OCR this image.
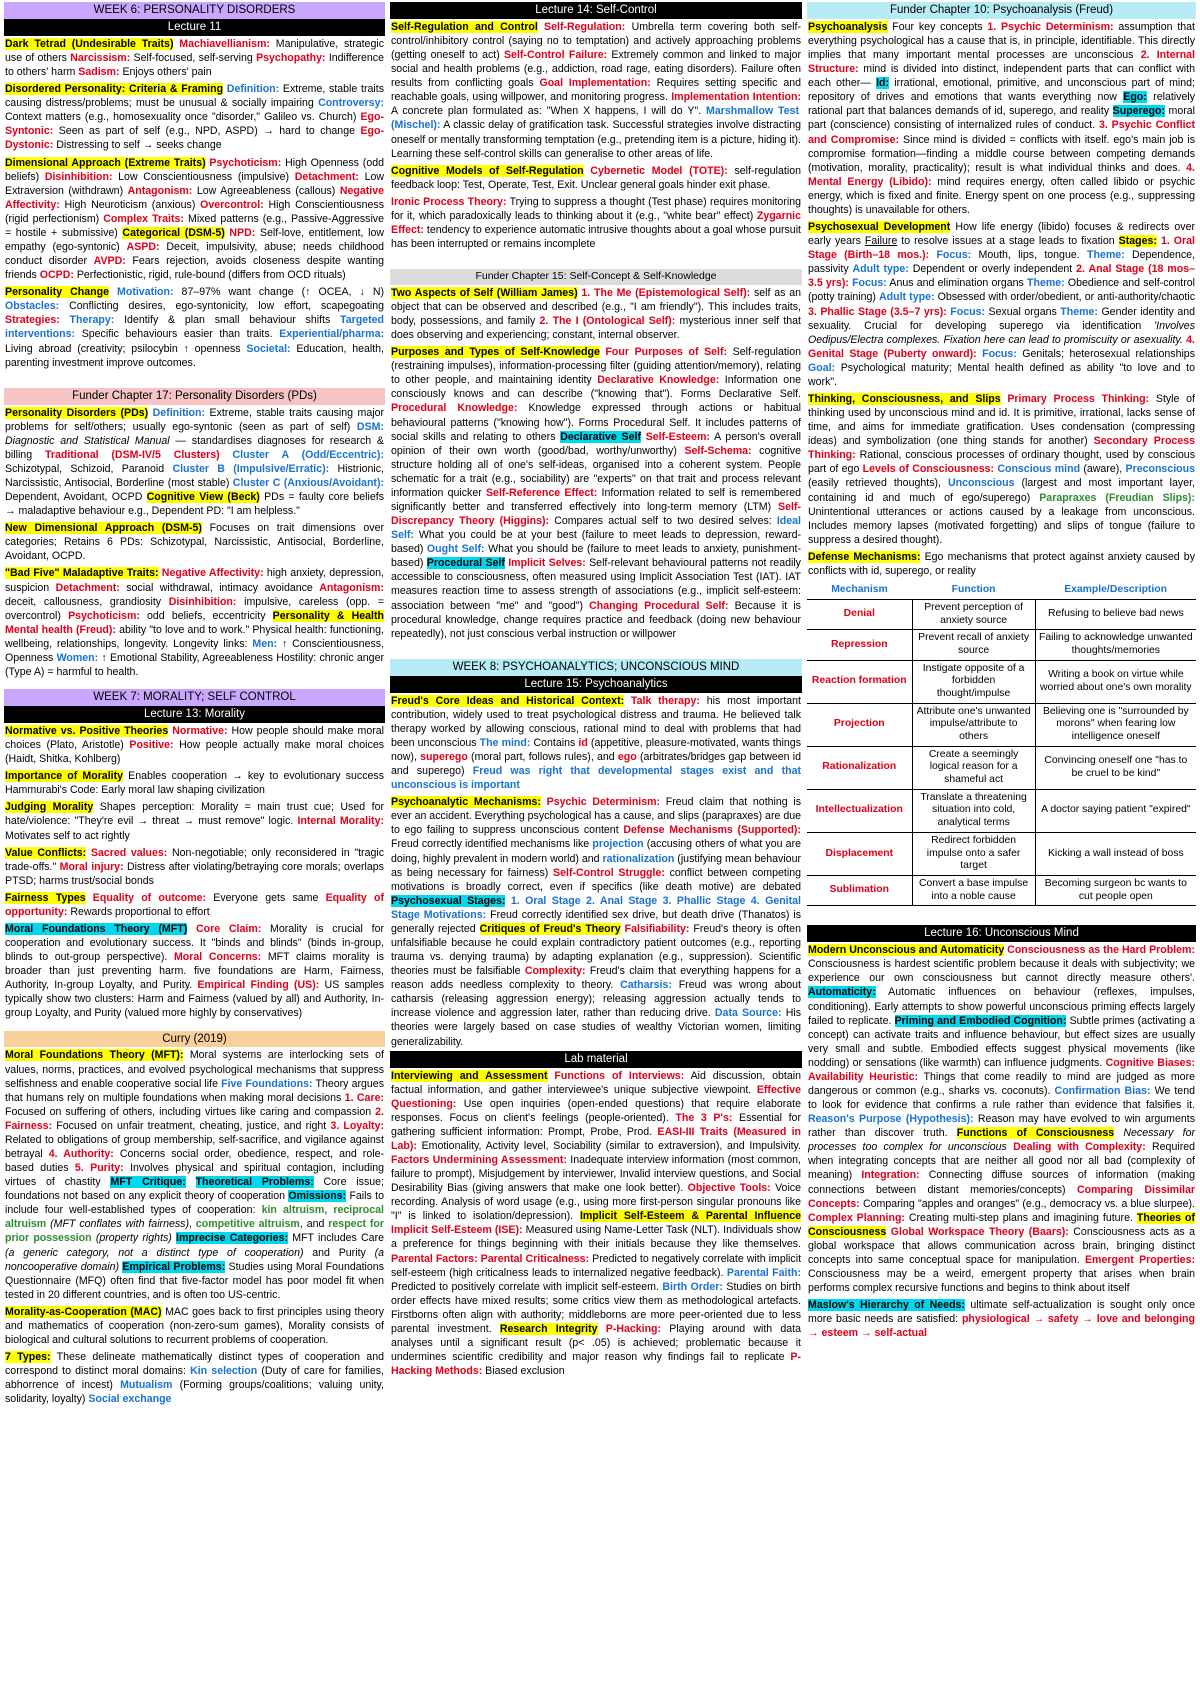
WEEK 6: PERSONALITY DISORDERS
Lecture 11
Dark Tetrad (Undesirable Traits) Machiavellianism: Manipulative, strategic use of others Narcissism: Self-focused, self-serving Psychopathy: Indifference to others' harm Sadism: Enjoys others' pain
Disordered Personality: Criteria & Framing Definition: Extreme, stable traits causing distress/problems; must be unusual & socially impairing Controversy: Context matters (e.g., homosexuality once "disorder," Galileo vs. Church) Ego-Syntonic: Seen as part of self (e.g., NPD, ASPD) → hard to change Ego-Dystonic: Distressing to self → seeks change
Dimensional Approach (Extreme Traits) Psychoticism: High Openness (odd beliefs) Disinhibition: Low Conscientiousness (impulsive) Detachment: Low Extraversion (withdrawn) Antagonism: Low Agreeableness (callous) Negative Affectivity: High Neuroticism (anxious) Overcontrol: High Conscientiousness (rigid perfectionism) Complex Traits: Mixed patterns (e.g., Passive-Aggressive = hostile + submissive) Categorical (DSM-5) NPD: Self-love, entitlement, low empathy (ego-syntonic) ASPD: Deceit, impulsivity, abuse; needs childhood conduct disorder AVPD: Fears rejection, avoids closeness despite wanting friends OCPD: Perfectionistic, rigid, rule-bound (differs from OCD rituals)
Personality Change Motivation: 87–97% want change (↑ OCEA, ↓ N) Obstacles: Conflicting desires, ego-syntonicity, low effort, scapegoating Strategies: Therapy: Identify & plan small behaviour shifts Targeted interventions: Specific behaviours easier than traits. Experiential/pharma: Living abroad (creativity; psilocybin ↑ openness Societal: Education, health, parenting investment improve outcomes.
Funder Chapter 17: Personality Disorders (PDs)
Personality Disorders (PDs) Definition: Extreme, stable traits causing major problems for self/others; usually ego-syntonic (seen as part of self) DSM: Diagnostic and Statistical Manual — standardises diagnoses for research & billing Traditional (DSM-IV/5 Clusters) Cluster A (Odd/Eccentric): Schizotypal, Schizoid, Paranoid Cluster B (Impulsive/Erratic): Histrionic, Narcissistic, Antisocial, Borderline (most stable) Cluster C (Anxious/Avoidant): Dependent, Avoidant, OCPD Cognitive View (Beck) PDs = faulty core beliefs → maladaptive behaviour e.g., Dependent PD: "I am helpless."
New Dimensional Approach (DSM-5) Focuses on trait dimensions over categories; Retains 6 PDs: Schizotypal, Narcissistic, Antisocial, Borderline, Avoidant, OCPD.
"Bad Five" Maladaptive Traits: Negative Affectivity: high anxiety, depression, suspicion Detachment: social withdrawal, intimacy avoidance Antagonism: deceit, callousness, grandiosity Disinhibition: impulsive, careless (opp. = overcontrol) Psychoticism: odd beliefs, eccentricity Personality & Health Mental health (Freud): ability "to love and to work." Physical health: functioning, wellbeing, relationships, longevity. Longevity links: Men: ↑ Conscientiousness, Openness Women: ↑ Emotional Stability, Agreeableness Hostility: chronic anger (Type A) = harmful to health.
WEEK 7: MORALITY; SELF CONTROL
Lecture 13: Morality
Normative vs. Positive Theories Normative: How people should make moral choices (Plato, Aristotle) Positive: How people actually make moral choices (Haidt, Shitka, Kohlberg)
Importance of Morality Enables cooperation → key to evolutionary success Hammurabi's Code: Early moral law shaping civilization
Judging Morality Shapes perception: Morality = main trust cue; Used for hate/violence: "They're evil → threat → must remove" logic. Internal Morality: Motivates self to act rightly
Value Conflicts: Sacred values: Non-negotiable; only reconsidered in "tragic trade-offs." Moral injury: Distress after violating/betraying core morals; overlaps PTSD; harms trust/social bonds
Fairness Types Equality of outcome: Everyone gets same Equality of opportunity: Rewards proportional to effort
Moral Foundations Theory (MFT) Core Claim: Morality is crucial for cooperation and evolutionary success. It "binds and blinds" (binds in-group, blinds to out-group perspective). Moral Concerns: MFT claims morality is broader than just preventing harm. five foundations are Harm, Fairness, Authority, In-group Loyalty, and Purity. Empirical Finding (US): US samples typically show two clusters: Harm and Fairness (valued by all) and Authority, In-group Loyalty, and Purity (valued more highly by conservatives)
Curry (2019)
Moral Foundations Theory (MFT): Moral systems are interlocking sets of values, norms, practices, and evolved psychological mechanisms that suppress selfishness and enable cooperative social life Five Foundations: Theory argues that humans rely on multiple foundations when making moral decisions 1. Care: Focused on suffering of others, including virtues like caring and compassion 2. Fairness: Focused on unfair treatment, cheating, justice, and right 3. Loyalty: Related to obligations of group membership, self-sacrifice, and vigilance against betrayal 4. Authority: Concerns social order, obedience, respect, and role-based duties 5. Purity: Involves physical and spiritual contagion, including virtues of chastity MFT Critique: Theoretical Problems: Core issue; foundations not based on any explicit theory of cooperation Omissions: Fails to include four well-established types of cooperation: kin altruism, reciprocal altruism (MFT conflates with fairness), competitive altruism, and respect for prior possession (property rights) Imprecise Categories: MFT includes Care (a generic category, not a distinct type of cooperation) and Purity (a noncooperative domain) Empirical Problems: Studies using Moral Foundations Questionnaire (MFQ) often find that five-factor model has poor model fit when tested in 20 different countries, and is often too US-centric.
Morality-as-Cooperation (MAC) MAC goes back to first principles using theory and mathematics of cooperation (non-zero-sum games), Morality consists of biological and cultural solutions to recurrent problems of cooperation.
7 Types: These delineate mathematically distinct types of cooperation and correspond to distinct moral domains: Kin selection (Duty of care for families, abhorrence of incest) Mutualism (Forming groups/coalitions; valuing unity, solidarity, loyalty) Social exchange
Lecture 14: Self-Control
Self-Regulation and Control Self-Regulation: Umbrella term covering both self-control/inhibitory control (saying no to temptation) and actively approaching problems (getting oneself to act) Self-Control Failure: Extremely common and linked to major social and health problems (e.g., addiction, road rage, eating disorders). Failure often results from conflicting goals Goal Implementation: Requires setting specific and reachable goals, using willpower, and monitoring progress. Implementation Intention: A concrete plan formulated as: "When X happens, I will do Y". Marshmallow Test (Mischel): A classic delay of gratification task. Successful strategies involve distracting oneself or mentally transforming temptation (e.g., pretending item is a picture, hiding it). Learning these self-control skills can generalise to other areas of life.
Cognitive Models of Self-Regulation Cybernetic Model (TOTE): self-regulation feedback loop: Test, Operate, Test, Exit. Unclear general goals hinder exit phase.
Ironic Process Theory: Trying to suppress a thought (Test phase) requires monitoring for it, which paradoxically leads to thinking about it (e.g., "white bear" effect) Zygarnic Effect: tendency to experience automatic intrusive thoughts about a goal whose pursuit has been interrupted or remains incomplete
Funder Chapter 15: Self-Concept & Self-Knowledge
Two Aspects of Self (William James) 1. The Me (Epistemological Self): self as an object that can be observed and described (e.g., "I am friendly"). This includes traits, body, possessions, and family 2. The I (Ontological Self): mysterious inner self that does observing and experiencing; constant, internal observer.
Purposes and Types of Self-Knowledge Four Purposes of Self: Self-regulation (restraining impulses), information-processing filter (guiding attention/memory), relating to other people, and maintaining identity Declarative Knowledge: Information one consciously knows and can describe ("knowing that"). Forms Declarative Self. Procedural Knowledge: Knowledge expressed through actions or habitual behavioural patterns ("knowing how"). Forms Procedural Self. It includes patterns of social skills and relating to others Declarative Self Self-Esteem: A person's overall opinion of their own worth (good/bad, worthy/unworthy) Self-Schema: cognitive structure holding all of one's self-ideas, organised into a coherent system. People schematic for a trait (e.g., sociability) are "experts" on that trait and process relevant information quicker Self-Reference Effect: Information related to self is remembered significantly better and transferred effectively into long-term memory (LTM) Self-Discrepancy Theory (Higgins): Compares actual self to two desired selves: Ideal Self: What you could be at your best (failure to meet leads to depression, reward-based) Ought Self: What you should be (failure to meet leads to anxiety, punishment-based) Procedural Self Implicit Selves: Self-relevant behavioural patterns not readily accessible to consciousness, often measured using Implicit Association Test (IAT). IAT measures reaction time to assess strength of associations (e.g., implicit self-esteem: association between "me" and "good") Changing Procedural Self: Because it is procedural knowledge, change requires practice and feedback (doing new behaviour repeatedly), not just conscious verbal instruction or willpower
WEEK 8: PSYCHOANALYTICS; UNCONSCIOUS MIND
Lecture 15: Psychoanalytics
Freud's Core Ideas and Historical Context: Talk therapy: his most important contribution, widely used to treat psychological distress and trauma. He believed talk therapy worked by allowing conscious, rational mind to deal with problems that had been unconscious The mind: Contains id (appetitive, pleasure-motivated, wants things now), superego (moral part, follows rules), and ego (arbitrates/bridges gap between id and superego) Freud was right that developmental stages exist and that unconscious is important
Psychoanalytic Mechanisms: Psychic Determinism: Freud claim that nothing is ever an accident. Everything psychological has a cause, and slips (parapraxes) are due to ego failing to suppress unconscious content Defense Mechanisms (Supported): Freud correctly identified mechanisms like projection (accusing others of what you are doing, highly prevalent in modern world) and rationalization (justifying mean behaviour as being necessary for fairness) Self-Control Struggle: conflict between competing motivations is broadly correct, even if specifics (like death motive) are debated Psychosexual Stages: 1. Oral Stage 2. Anal Stage 3. Phallic Stage 4. Genital Stage Motivations: Freud correctly identified sex drive, but death drive (Thanatos) is generally rejected Critiques of Freud's Theory Falsifiability: Freud's theory is often unfalsifiable because he could explain contradictory patient outcomes (e.g., reporting trauma vs. denying trauma) by adapting explanation (e.g., suppression). Scientific theories must be falsifiable Complexity: Freud's claim that everything happens for a reason adds needless complexity to theory. Catharsis: Freud was wrong about catharsis (releasing aggression energy); releasing aggression actually tends to increase violence and aggression later, rather than reducing drive. Data Source: His theories were largely based on case studies of wealthy Victorian women, limiting generalizability.
Lab material
Interviewing and Assessment Functions of Interviews: Aid discussion, obtain factual information, and gather interviewee's unique subjective viewpoint. Effective Questioning: Use open inquiries (open-ended questions) that require elaborate responses. Focus on client's feelings (people-oriented). The 3 P's: Essential for gathering sufficient information: Prompt, Probe, Prod. EASI-III Traits (Measured in Lab): Emotionality, Activity level, Sociability (similar to extraversion), and Impulsivity. Factors Undermining Assessment: Inadequate interview information (most common, failure to prompt), Misjudgement by interviewer, Invalid interview questions, and Social Desirability Bias (giving answers that make one look better). Objective Tools: Voice recording. Analysis of word usage (e.g., using more first-person singular pronouns like "I" is linked to isolation/depression). Implicit Self-Esteem & Parental Influence Implicit Self-Esteem (ISE): Measured using Name-Letter Task (NLT). Individuals show a preference for things beginning with their initials because they like themselves. Parental Factors: Parental Criticalness: Predicted to negatively correlate with implicit self-esteem (high criticalness leads to internalized negative feedback). Parental Faith: Predicted to positively correlate with implicit self-esteem. Birth Order: Studies on birth order effects have mixed results; some critics view them as methodological artefacts. Firstborns often align with authority; middleborns are more peer-oriented due to less parental investment. Research Integrity P-Hacking: Playing around with data analyses until a significant result (p< .05) is achieved; problematic because it undermines scientific credibility and major reason why findings fail to replicate P-Hacking Methods: Biased exclusion
Funder Chapter 10: Psychoanalysis (Freud)
Psychoanalysis Four key concepts 1. Psychic Determinism: assumption that everything psychological has a cause that is, in principle, identifiable. This directly implies that many important mental processes are unconscious 2. Internal Structure: mind is divided into distinct, independent parts that can conflict with each other— Id: irrational, emotional, primitive, and unconscious part of mind; repository of drives and emotions that wants everything now Ego: relatively rational part that balances demands of id, superego, and reality Superego: moral part (conscience) consisting of internalized rules of conduct. 3. Psychic Conflict and Compromise: Since mind is divided = conflicts with itself. ego's main job is compromise formation—finding a middle course between competing demands (motivation, morality, practicality); result is what individual thinks and does. 4. Mental Energy (Libido): mind requires energy, often called libido or psychic energy, which is fixed and finite. Energy spent on one process (e.g., suppressing thoughts) is unavailable for others.
Psychosexual Development How life energy (libido) focuses & redirects over early years Failure to resolve issues at a stage leads to fixation Stages: 1. Oral Stage (Birth–18 mos.): Focus: Mouth, lips, tongue. Theme: Dependence, passivity Adult type: Dependent or overly independent 2. Anal Stage (18 mos–3.5 yrs): Focus: Anus and elimination organs Theme: Obedience and self-control (potty training) Adult type: Obsessed with order/obedient, or anti-authority/chaotic 3. Phallic Stage (3.5–7 yrs): Focus: Sexual organs Theme: Gender identity and sexuality. Crucial for developing superego via identification 'Involves Oedipus/Electra complexes. Fixation here can lead to promiscuity or asexuality. 4. Genital Stage (Puberty onward): Focus: Genitals; heterosexual relationships Goal: Psychological maturity; Mental health defined as ability "to love and to work".
Thinking, Consciousness, and Slips Primary Process Thinking: Style of thinking used by unconscious mind and id. It is primitive, irrational, lacks sense of time, and aims for immediate gratification. Uses condensation (compressing ideas) and symbolization (one thing stands for another) Secondary Process Thinking: Rational, conscious processes of ordinary thought, used by conscious part of ego Levels of Consciousness: Conscious mind (aware), Preconscious (easily retrieved thoughts), Unconscious (largest and most important layer, containing id and much of ego/superego) Parapraxes (Freudian Slips): Unintentional utterances or actions caused by a leakage from unconscious. Includes memory lapses (motivated forgetting) and slips of tongue (failure to suppress a desired thought).
Defense Mechanisms: Ego mechanisms that protect against anxiety caused by conflicts with id, superego, or reality
Mechanism	Function	Example/Description
Denial	Prevent perception of anxiety source	Refusing to believe bad news
Repression	Prevent recall of anxiety source	Failing to acknowledge unwanted thoughts/memories
Reaction formation	Instigate opposite of a forbidden thought/impulse	Writing a book on virtue while worried about one's own morality
Projection	Attribute one's unwanted impulse/attribute to others	Believing one is "surrounded by morons" when fearing low intelligence oneself
Rationalization	Create a seemingly logical reason for a shameful act	Convincing oneself one "has to be cruel to be kind"
Intellectualization	Translate a threatening situation into cold, analytical terms	A doctor saying patient "expired"
Displacement	Redirect forbidden impulse onto a safer target	Kicking a wall instead of boss
Sublimation	Convert a base impulse into a noble cause	Becoming surgeon bc wants to cut people open
Lecture 16: Unconscious Mind
Modern Unconscious and Automaticity Consciousness as the Hard Problem: Consciousness is hardest scientific problem because it deals with subjectivity; we experience our own consciousness but cannot directly measure others'. Automaticity: Automatic influences on behaviour (reflexes, impulses, conditioning). Early attempts to show powerful unconscious priming effects largely failed to replicate. Priming and Embodied Cognition: Subtle primes (activating a concept) can activate traits and influence behaviour, but effect sizes are usually very small and subtle. Embodied effects suggest physical movements (like nodding) or sensations (like warmth) can influence judgments. Cognitive Biases: Availability Heuristic: Things that come readily to mind are judged as more dangerous or common (e.g., sharks vs. coconuts). Confirmation Bias: We tend to look for evidence that confirms a rule rather than evidence that falsifies it. Reason's Purpose (Hypothesis): Reason may have evolved to win arguments rather than discover truth. Functions of Consciousness Necessary for processes too complex for unconscious Dealing with Complexity: Required when integrating concepts that are neither all good nor all bad (complexity of meaning) Integration: Connecting diffuse sources of information (making connections between distant memories/concepts) Comparing Dissimilar Concepts: Comparing "apples and oranges" (e.g., democracy vs. a blue slurpee). Complex Planning: Creating multi-step plans and imagining future. Theories of Consciousness Global Workspace Theory (Baars): Consciousness acts as a global workspace that allows communication across brain, bringing distinct concepts into same conceptual space for manipulation. Emergent Properties: Consciousness may be a weird, emergent property that arises when brain performs complex recursive functions and begins to think about itself
Maslow's Hierarchy of Needs: ultimate self-actualization is sought only once more basic needs are satisfied: physiological → safety → love and belonging → esteem → self-actual
